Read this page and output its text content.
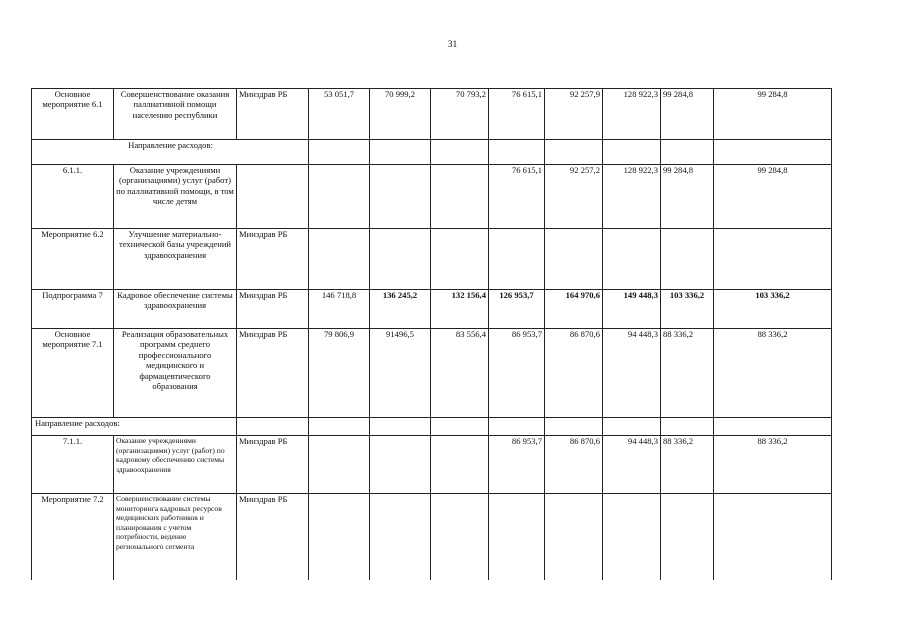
31
Основное мероприятие 6.1	Совершенствование оказания паллиативной помощи населению республики	Минздрав РБ	53 051,7	70 999,2	70 793,2	76 615,1	92 257,9	128 922,3	99 284,8	99 284,8
Направление расходов:										
6.1.1.	Оказание учреждениями (организациями) услуг (работ) по паллиативной помощи, в том числе детям					76 615,1	92 257,2	128 922,3	99 284,8	99 284,8
Мероприятие 6.2	Улучшение материально-технической базы учреждений здравоохранения	Минздрав РБ								
Подпрограмма 7	Кадровое обеспечение системы здравоохранения	Минздрав РБ	146 718,8	136 245,2	132 156,4	126 953,7	164 970,6	149 448,3	103 336,2	103 336,2
Основное мероприятие 7.1	Реализация образовательных программ среднего профессионального медицинского и фармацевтического образования	Минздрав РБ	79 806,9	91496,5	83 556,4	86 953,7	86 870,6	94 448,3	88 336,2	88 336,2
Направление расходов:										
7.1.1.	Оказание учреждениями (организациями) услуг (работ) по кадровому обеспечению системы здравоохранения	Минздрав РБ				86 953,7	86 870,6	94 448,3	88 336,2	88 336,2
Мероприятие 7.2	Совершенствование системы мониторинга кадровых ресурсов медицинских работников и планирования с учетом потребности, ведение регионального сегмента	Минздрав РБ								
